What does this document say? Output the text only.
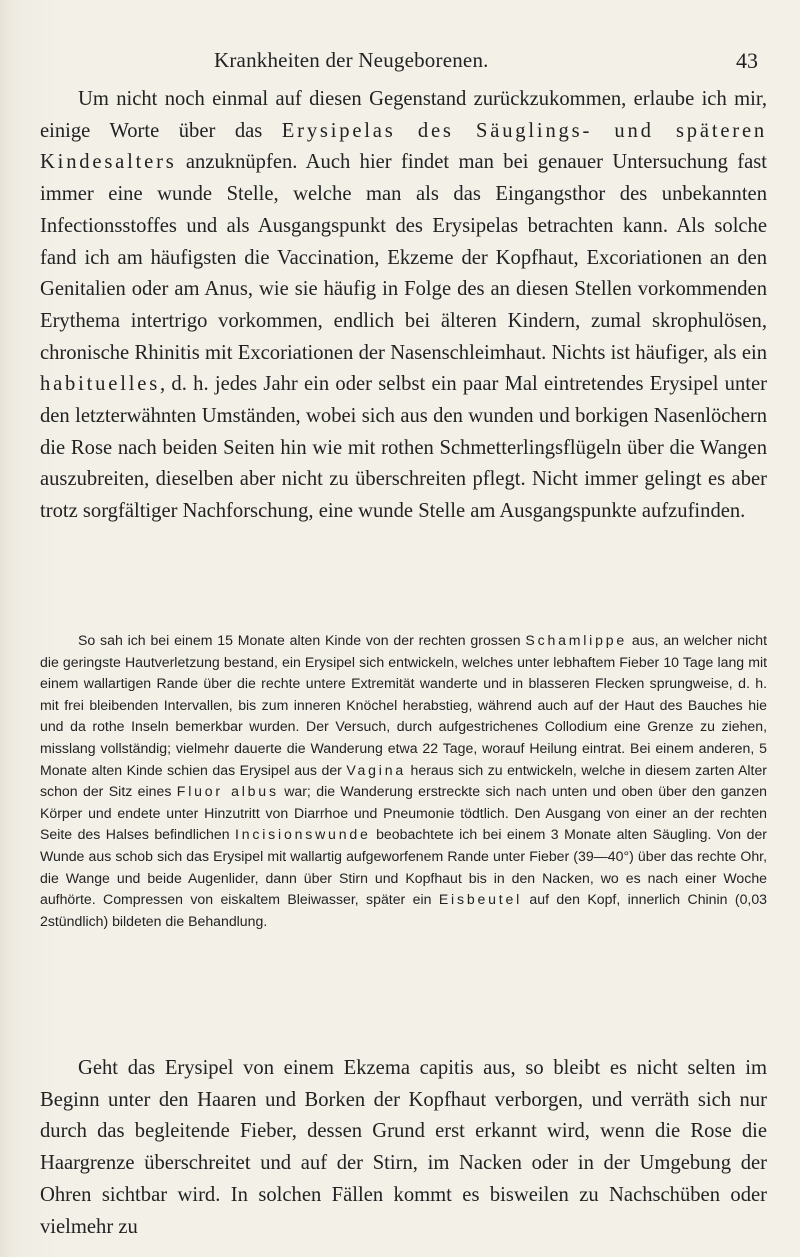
Krankheiten der Neugeborenen.	43

Um nicht noch einmal auf diesen Gegenstand zurückzukommen, erlaube ich mir, einige Worte über das Erysipelas des Säuglings- und späteren Kindesalters anzuknüpfen. Auch hier findet man bei genauer Untersuchung fast immer eine wunde Stelle, welche man als das Eingangsthor des unbekannten Infectionsstoffes und als Ausgangspunkt des Erysipelas betrachten kann. Als solche fand ich am häufigsten die Vaccination, Ekzeme der Kopfhaut, Excoriationen an den Genitalien oder am Anus, wie sie häufig in Folge des an diesen Stellen vorkommenden Erythema intertrigo vorkommen, endlich bei älteren Kindern, zumal skrophulösen, chronische Rhinitis mit Excoriationen der Nasenschleimhaut. Nichts ist häufiger, als ein habituelles, d. h. jedes Jahr ein oder selbst ein paar Mal eintretendes Erysipel unter den letzterwähnten Umständen, wobei sich aus den wunden und borkigen Nasenlöchern die Rose nach beiden Seiten hin wie mit rothen Schmetterlingsflügeln über die Wangen auszubreiten, dieselben aber nicht zu überschreiten pflegt. Nicht immer gelingt es aber trotz sorgfältiger Nachforschung, eine wunde Stelle am Ausgangspunkte aufzufinden.

So sah ich bei einem 15 Monate alten Kinde von der rechten grossen Schamlippe aus, an welcher nicht die geringste Hautverletzung bestand, ein Erysipel sich entwickeln, welches unter lebhaftem Fieber 10 Tage lang mit einem wallartigen Rande über die rechte untere Extremität wanderte und in blasseren Flecken sprungweise, d. h. mit frei bleibenden Intervallen, bis zum inneren Knöchel herabstieg, während auch auf der Haut des Bauches hie und da rothe Inseln bemerkbar wurden. Der Versuch, durch aufgestrichenes Collodium eine Grenze zu ziehen, misslang vollständig; vielmehr dauerte die Wanderung etwa 22 Tage, worauf Heilung eintrat. Bei einem anderen, 5 Monate alten Kinde schien das Erysipel aus der Vagina heraus sich zu entwickeln, welche in diesem zarten Alter schon der Sitz eines Fluor albus war; die Wanderung erstreckte sich nach unten und oben über den ganzen Körper und endete unter Hinzutritt von Diarrhoe und Pneumonie tödtlich. Den Ausgang von einer an der rechten Seite des Halses befindlichen Incisionswunde beobachtete ich bei einem 3 Monate alten Säugling. Von der Wunde aus schob sich das Erysipel mit wallartig aufgeworfenem Rande unter Fieber (39—40°) über das rechte Ohr, die Wange und beide Augenlider, dann über Stirn und Kopfhaut bis in den Nacken, wo es nach einer Woche aufhörte. Compressen von eiskaltem Bleiwasser, später ein Eisbeutel auf den Kopf, innerlich Chinin (0,03 2stündlich) bildeten die Behandlung.

Geht das Erysipel von einem Ekzema capitis aus, so bleibt es nicht selten im Beginn unter den Haaren und Borken der Kopfhaut verborgen, und verräth sich nur durch das begleitende Fieber, dessen Grund erst erkannt wird, wenn die Rose die Haargrenze überschreitet und auf der Stirn, im Nacken oder in der Umgebung der Ohren sichtbar wird. In solchen Fällen kommt es bisweilen zu Nachschüben oder vielmehr zu
